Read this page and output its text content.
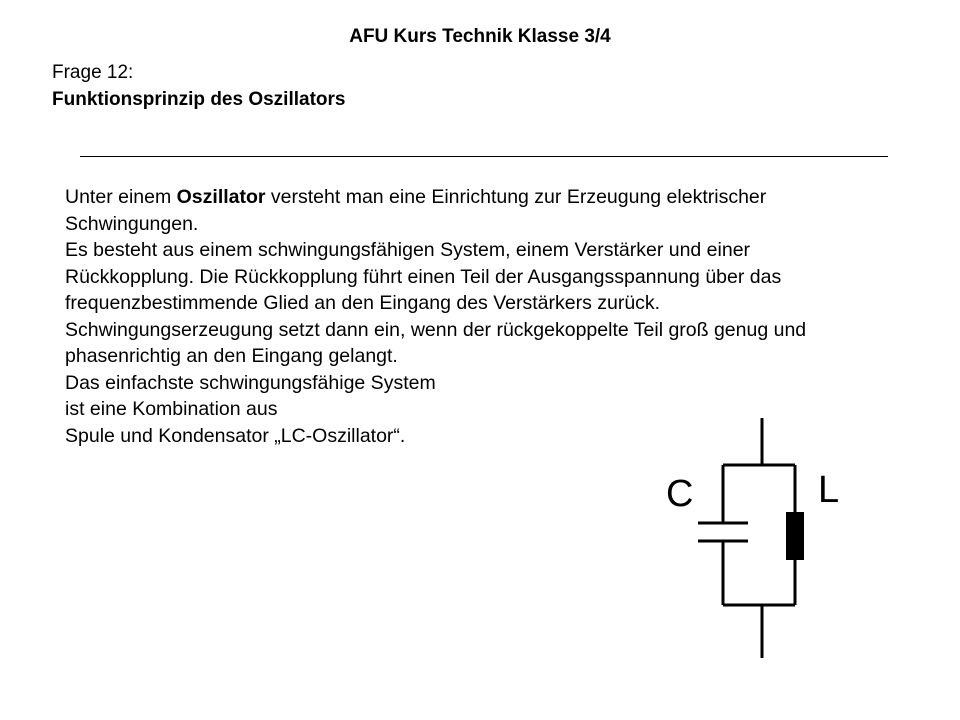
AFU Kurs Technik Klasse 3/4
Frage 12:
Funktionsprinzip des Oszillators

Unter einem Oszillator versteht man eine Einrichtung zur Erzeugung elektrischer Schwingungen.

Es besteht aus einem schwingungsfähigen System, einem Verstärker und einer Rückkopplung. Die Rückkopplung führt einen Teil der Ausgangsspannung über das frequenzbestimmende Glied an den Eingang des Verstärkers zurück. Schwingungserzeugung setzt dann ein, wenn der rückgekoppelte Teil groß genug und phasenrichtig an den Eingang gelangt.

Das einfachste schwingungsfähige System

ist eine Kombination aus

Spule und Kondensator „LC-Oszillator“.

C	L
